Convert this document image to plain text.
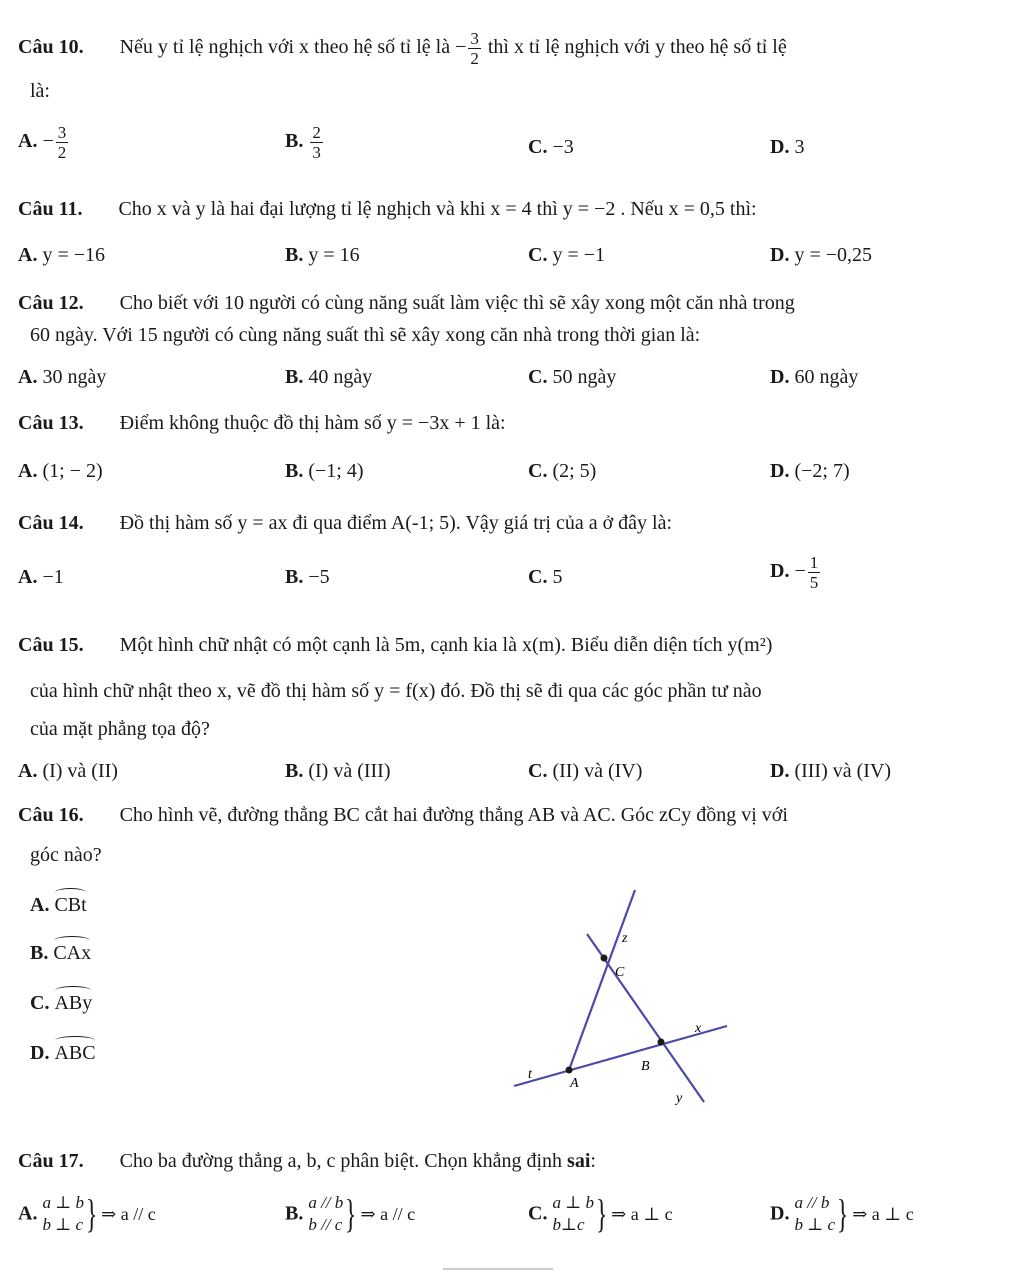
Câu 10. Nếu y tỉ lệ nghịch với x theo hệ số tỉ lệ là − $\frac{3}{2}$ thì x tỉ lệ nghịch với y theo hệ số tỉ lệ
là:
A. − $\frac{3}{2}$	B. $\frac{2}{3}$	C. −3	D. 3
Câu 11. Cho x và y là hai đại lượng tỉ lệ nghịch và khi x = 4 thì y = −2 . Nếu x = 0,5 thì:
A. y = −16	B. y = 16	C. y = −1	D. y = −0,25
Câu 12. Cho biết với 10 người có cùng năng suất làm việc thì sẽ xây xong một căn nhà trong
60 ngày. Với 15 người có cùng năng suất thì sẽ xây xong căn nhà trong thời gian là:
A. 30 ngày	B. 40 ngày	C. 50 ngày	D. 60 ngày
Câu 13. Điểm không thuộc đồ thị hàm số y = −3x + 1 là:
A. (1; − 2)	B. (−1; 4)	C. (2; 5)	D. (−2; 7)
Câu 14. Đồ thị hàm số y = ax đi qua điểm A(-1; 5). Vậy giá trị của a ở đây là:
A. −1	B. −5	C. 5	D. − $\frac{1}{5}$
Câu 15. Một hình chữ nhật có một cạnh là 5m, cạnh kia là x(m). Biểu diễn diện tích y(m²)
của hình chữ nhật theo x, vẽ đồ thị hàm số y = f(x) đó. Đồ thị sẽ đi qua các góc phần tư nào
của mặt phẳng tọa độ?
A. (I) và (II)	B. (I) và (III)	C. (II) và (IV)	D. (III) và (IV)
Câu 16. Cho hình vẽ, đường thẳng BC cắt hai đường thẳng AB và AC. Góc zCy đồng vị với
góc nào?
A. CBt
B. CAx
C. ABy
D. ABC
z
C
x
B
t
A
y
Câu 17. Cho ba đường thẳng a, b, c phân biệt. Chọn khẳng định sai:
A. a ⊥ b
b ⊥ c } ⇒ a // c	B. a // b
b // c } ⇒ a // c	C. a ⊥ b
b⊥c } ⇒ a ⊥ c	D. a // b
b ⊥ c } ⇒ a ⊥ c
